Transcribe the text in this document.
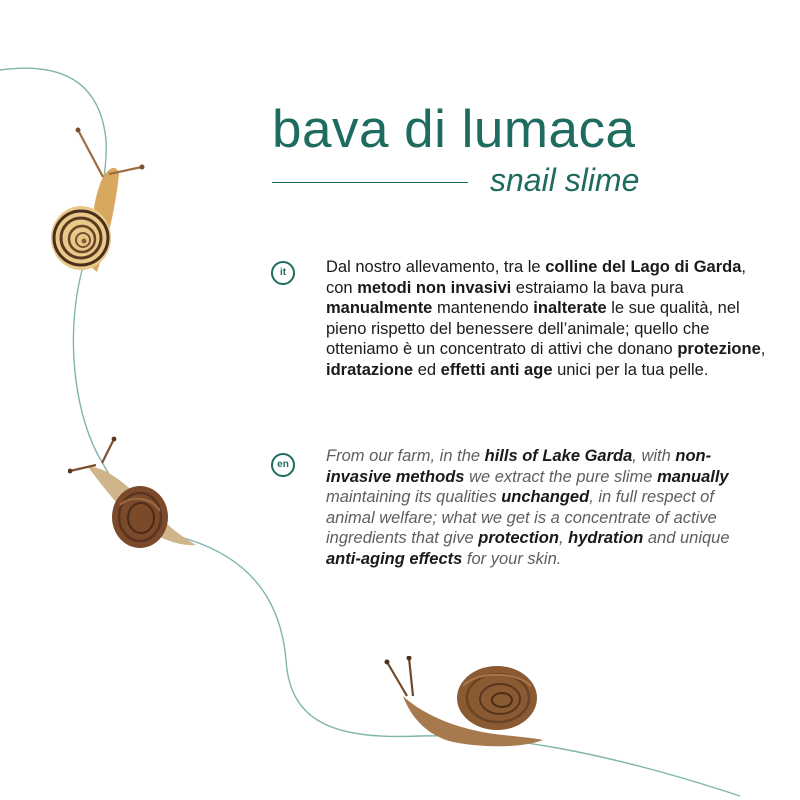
bava di lumaca
snail slime
it	Dal nostro allevamento, tra le colline del Lago di Garda, con metodi non invasivi estraiamo la bava pura manualmente mantenendo inalterate le sue qualità, nel pieno rispetto del benessere dell’animale; quello che otteniamo è un concentrato di attivi che donano protezione, idratazione ed effetti anti age unici per la tua pelle.

en	From our farm, in the hills of Lake Garda, with non-invasive methods we extract the pure slime manually maintaining its qualities unchanged, in full respect of animal welfare; what we get is a concentrate of active ingredients that give protection, hydration and unique anti-aging effects for your skin.
